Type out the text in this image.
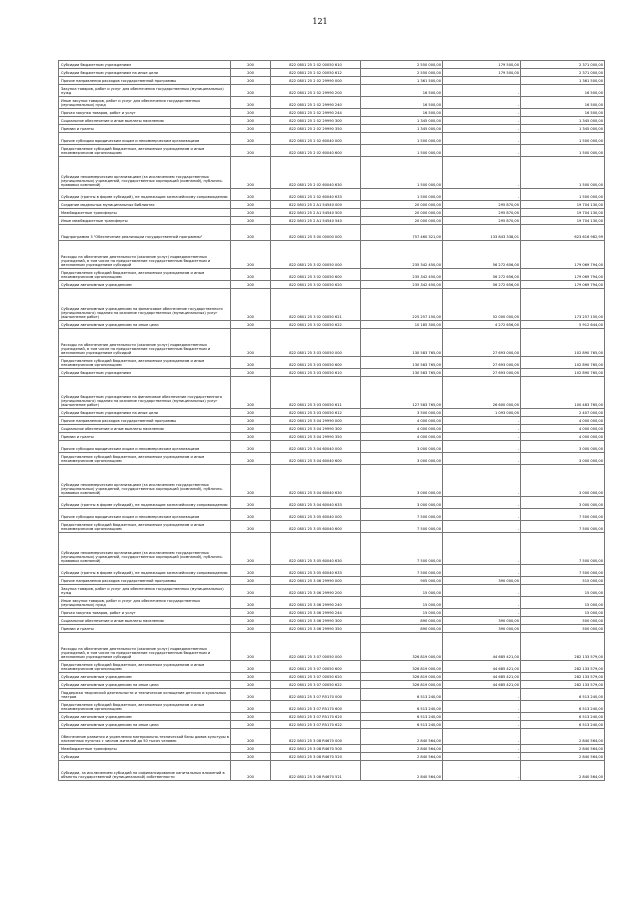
121
Субсидии бюджетным учреждениям	200	822 0801 25 2 02 00050 610	2 550 000,00	179 500,00	2 371 000,00
Субсидии бюджетным учреждениям на иные цели	200	822 0801 25 2 02 00050 612	2 550 000,00	179 500,00	2 371 000,00
Прочие направления расходов государственной программы	200	822 0801 25 2 02 29990 000	1 361 500,00		1 361 500,00
Закупка товаров, работ и услуг для обеспечения государственных (муниципальных) нужд	200	822 0801 25 2 02 29990 200	16 500,00	-	16 500,00
Иные закупки товаров, работ и услуг для обеспечения государственных (муниципальных) нужд	200	822 0801 25 2 02 29990 240	16 500,00	-	16 500,00
Прочая закупка товаров, работ и услуг	200	822 0801 25 2 02 29990 244	16 500,00	-	16 500,00
Социальное обеспечение и иные выплаты населению	200	822 0801 25 2 02 29990 300	1 345 000,00	-	1 345 000,00
Премии и гранты	200	822 0801 25 2 02 29990 350	1 345 000,00	-	1 345 000,00
Прочие субсидии юридическим лицам и некоммерческим организациям	200	822 0801 25 2 02 60040 000	1 500 000,00	-	1 500 000,00
Предоставление субсидий бюджетным, автономным учреждениям и иным некоммерческим организациям	200	822 0801 25 2 02 60040 600	1 500 000,00	-	1 500 000,00
Субсидии некоммерческим организациям (за исключением государственных (муниципальных) учреждений, государственных корпораций (компаний), публично-правовых компаний)	200	822 0801 25 2 02 60040 630	1 500 000,00	-	1 500 000,00
Субсидии (гранты в форме субсидий), не подлежащие казначейскому сопровождению	200	822 0801 25 2 02 60040 633	1 500 000,00	-	1 500 000,00
Создание модельных муниципальных библиотек	200	822 0801 25 2 A1 54540 000	20 000 000,00	295 870,00	19 704 130,00
Межбюджетные трансферты	200	822 0801 25 2 A1 54540 500	20 000 000,00	295 870,00	19 704 130,00
Иные межбюджетные трансферты	200	822 0801 25 2 A1 54540 540	20 000 000,00	295 870,00	19 704 130,00
Подпрограмма 3 "Обеспечение реализации государственной программы"	200	822 0801 25 3 00 00000 000	757 460 321,00	133 843 338,01	623 616 982,99
Расходы на обеспечение деятельности (оказание услуг) подведомственных учреждений, в том числе на предоставление государственным бюджетным и автономным учреждениям субсидий	200	822 0801 25 3 02 00050 000	235 342 450,00	56 272 656,00	179 069 794,00
Предоставление субсидий бюджетным, автономным учреждениям и иным некоммерческим организациям	200	822 0801 25 3 02 00050 600	235 342 450,00	56 272 656,00	179 069 794,00
Субсидии автономным учреждениям	200	822 0801 25 3 02 00050 620	235 342 450,00	56 272 656,00	179 069 794,00
Субсидии автономным учреждениям на финансовое обеспечение государственного (муниципального) задания на оказание государственных (муниципальных) услуг (выполнение работ)	200	822 0801 25 3 02 00050 621	225 257 150,00	52 000 000,00	173 257 150,00
Субсидии автономным учреждениям на иные цели	200	822 0801 25 3 02 00050 622	10 185 300,00	4 272 656,00	5 912 644,00
Расходы на обеспечение деятельности (оказание услуг) подведомственных учреждений, в том числе на предоставление государственным бюджетным и автономным учреждениям субсидий	200	822 0801 25 3 03 00050 000	130 583 765,00	27 693 000,00	102 890 765,00
Предоставление субсидий бюджетным, автономным учреждениям и иным некоммерческим организациям	200	822 0801 25 3 03 00050 600	130 583 765,00	27 693 000,00	102 890 765,00
Субсидии бюджетным учреждениям	200	822 0801 25 3 03 00050 610	130 583 765,00	27 693 000,00	102 890 765,00
Субсидии бюджетным учреждениям на финансовое обеспечение государственного (муниципального) задания на оказание государственных (муниципальных) услуг (выполнение работ)	200	822 0801 25 3 03 00050 611	127 583 765,00	26 600 000,00	100 483 765,00
Субсидии бюджетным учреждениям на иные цели	200	822 0801 25 3 03 00050 612	3 500 000,00	1 093 000,00	2 407 000,00
Прочие направления расходов государственной программы	200	822 0801 25 3 04 29990 000	4 000 000,00	-	4 000 000,00
Социальное обеспечение и иные выплаты населению	200	822 0801 25 3 04 29990 300	4 000 000,00	-	4 000 000,00
Премии и гранты	200	822 0801 25 3 04 29990 350	4 000 000,00	-	4 000 000,00
Прочие субсидии юридическим лицам и некоммерческим организациям	200	822 0801 25 3 04 60040 000	3 000 000,00	-	3 000 000,00
Предоставление субсидий бюджетным, автономным учреждениям и иным некоммерческим организациям	200	822 0801 25 3 04 60040 600	3 000 000,00	-	3 000 000,00
Субсидии некоммерческим организациям (за исключением государственных (муниципальных) учреждений, государственных корпораций (компаний), публично-правовых компаний)	200	822 0801 25 3 04 60040 630	3 000 000,00	-	3 000 000,00
Субсидии (гранты в форме субсидий), не подлежащие казначейскому сопровождению	200	822 0801 25 3 04 60040 633	3 000 000,00	-	3 000 000,00
Прочие субсидии юридическим лицам и некоммерческим организациям	200	822 0801 25 3 05 60040 000	7 500 000,00	-	7 500 000,00
Предоставление субсидий бюджетным, автономным учреждениям и иным некоммерческим организациям	200	822 0801 25 3 05 60040 600	7 500 000,00	-	7 500 000,00
Субсидии некоммерческим организациям (за исключением государственных (муниципальных) учреждений, государственных корпораций (компаний), публично-правовых компаний)	200	822 0801 25 3 05 60040 630	7 500 000,00	-	7 500 000,00
Субсидии (гранты в форме субсидий), не подлежащие казначейскому сопровождению	200	822 0801 25 3 05 60040 633	7 500 000,00	-	7 500 000,00
Прочие направления расходов государственной программы	200	822 0801 25 3 06 29990 000	905 000,00	390 000,00	515 000,00
Закупка товаров, работ и услуг для обеспечения государственных (муниципальных) нужд	200	822 0801 25 3 06 29990 200	15 000,00	-	15 000,00
Иные закупки товаров, работ и услуг для обеспечения государственных (муниципальных) нужд	200	822 0801 25 3 06 29990 240	15 000,00	-	15 000,00
Прочая закупка товаров, работ и услуг	200	822 0801 25 3 06 29990 244	15 000,00	-	15 000,00
Социальное обеспечение и иные выплаты населению	200	822 0801 25 3 06 29990 300	890 000,00	390 000,00	500 000,00
Премии и гранты	200	822 0801 25 3 06 29990 350	890 000,00	390 000,00	500 000,00
Расходы на обеспечение деятельности (оказание услуг) подведомственных учреждений, в том числе на предоставление государственным бюджетным и автономным учреждениям субсидий	200	822 0801 25 3 07 00050 000	326 819 000,00	44 685 421,00	282 133 579,00
Предоставление субсидий бюджетным, автономным учреждениям и иным некоммерческим организациям	200	822 0801 25 3 07 00050 600	326 819 000,00	44 685 421,00	282 133 579,00
Субсидии автономным учреждениям	200	822 0801 25 3 07 00050 620	326 819 000,00	44 685 421,00	282 133 579,00
Субсидии автономным учреждениям на иные цели	200	822 0801 25 3 07 00050 622	326 819 000,00	44 685 421,00	282 133 579,00
Поддержка творческой деятельности и техническое оснащение детских и кукольных театров	200	822 0801 25 3 07 R5170 000	6 513 240,00	-	6 513 240,00
Предоставление субсидий бюджетным, автономным учреждениям и иным некоммерческим организациям	200	822 0801 25 3 07 R5170 600	6 513 240,00	-	6 513 240,00
Субсидии автономным учреждениям	200	822 0801 25 3 07 R5170 620	6 513 240,00	-	6 513 240,00
Субсидии автономным учреждениям на иные цели	200	822 0801 25 3 07 R5170 622	6 513 240,00	-	6 513 240,00
Обеспечение развития и укрепления материально-технической базы домов культуры в населенных пунктах с числом жителей до 50 тысяч человек	200	822 0801 25 3 08 R4670 000	2 840 564,00	-	2 840 564,00
Межбюджетные трансферты	200	822 0801 25 3 08 R4670 500	2 840 564,00	-	2 840 564,00
Субсидии	200	822 0801 25 3 08 R4670 520	2 840 564,00	-	2 840 564,00
Субсидии, за исключением субсидий на софинансирование капитальных вложений в объекты государственной (муниципальной) собственности	200	822 0801 25 3 08 R4670 521	2 840 564,00	-	2 840 564,00
